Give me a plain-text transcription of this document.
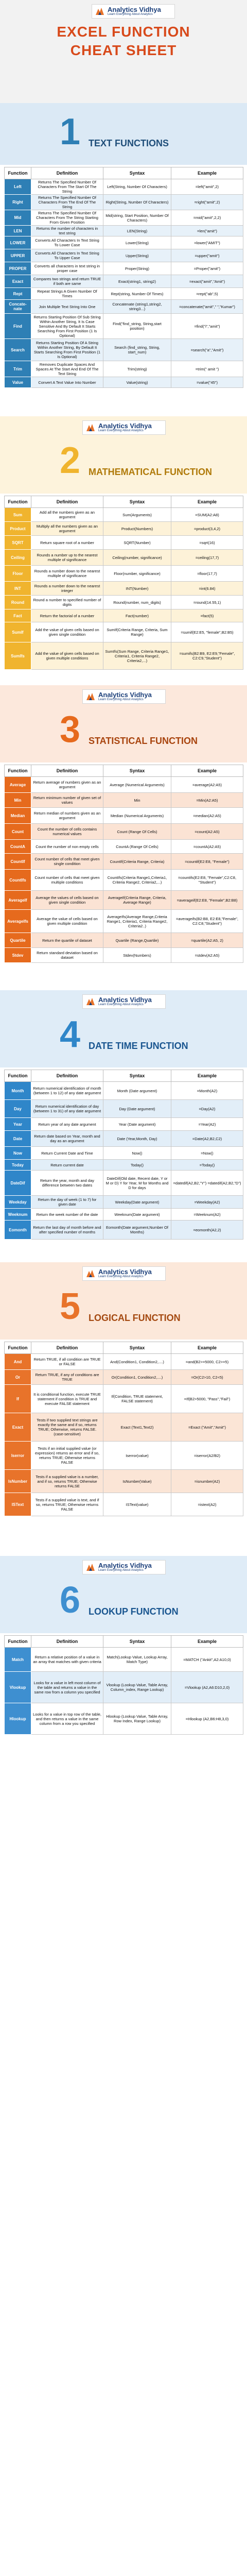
Analytics Vidhya
Learn Everything About Analytics
EXCEL FUNCTION
CHEAT SHEET
1 TEXT FUNCTIONS
Function	Definition	Syntax	Example
Left	Returns The Specified Number Of Characters From The Start Of The String	Left(String, Number Of Characters)	=left("amit",2)
Right	Returns The Specified Number Of Characters From The End Of The String	Right(String, Number Of Characters)	=right("amit",2)
Mid	Returns The Specified Number Of Characters From The String Starting From Given Position	Mid(string, Start Position, Number Of Characters)	=mid("amit",2,2)
LEN	Returns the number of characters in text string	LEN(String)	=len("amit")
LOWER	Converts All Characters In Text String To Lower Case	Lower(String)	=lower("AMIT")
UPPER	Converts All Characters In Text String To Upper Case	Upper(String)	=upper("amit")
PROPER	Converts all characters in text string in proper case	Proper(String)	=Proper("amit")
Exact	Compares two strings and return TRUE if both are same	Exact(string1, string2)	=exact("amit","Amit")
Rept	Repeat Strings A Given Number Of Times	Rept(string, Number Of Times)	=rept("ab",5)
Concate-nate	Join Multiple Text String Into One	Concatenate (string1,string2, string3...)	=concatenate("amit"," ","Kumar")
Find	Returns Starting Position Of Sub String Within Another String, It Is Case Sensitive And By Default It Starts Searching From First Position (1 Is Optional)	Find("find_string, String,start position)	=find("i","amit")
Search	Returns Starting Position Of A String Within Another String, By Default It Starts Searching From First Position (1 Is Optional)	Search (find_string, String, start_num)	=search("a","Amit")
Trim	Removes Duplicate Spaces And Spaces At The Start And End Of The Text String	Trim(string)	=trim(" amit ")
Value	Convert A Text Value Into Number	Value(string)	=value("45")
Analytics Vidhya
Learn Everything About Analytics
2 MATHEMATICAL FUNCTION
Function	Definition	Syntax	Example
Sum	Add all the numbers given as an argument	Sum(Arguments)	=SUM(A2:A8)
Product	Multiply all the numbers given as an argument	Product(Numbers)	=product(3,4,2)
SQRT	Return square root of a number	SQRT(Number)	=sqrt(16)
Ceiling	Rounds a number up to the nearest multiple of significance	Ceiling(number, significance)	=ceiling(17,7)
Floor	Rounds a number down to the nearest multiple of significance	Floor(number, significance)	=floor(17,7)
INT	Rounds a number down to the nearest integer	INT(Number)	=int(6.84)
Round	Round a number to specified number of digits	Round(number, num_digits)	=round(14.55,1)
Fact	Return the factorial of a number	Fact(number)	=fact(5)
SumIf	Add the value of given cells based on given single condition	SumIf(Criteria Range, Criteria, Sum Range)	=sumif(E2:E5, "female",B2:B5)
SumIfs	Add the value of given cells based on given multiple conditions	SumIfs(Sum Range, Criteria Range1, Criteria1, Criteria Range2, Criteria2,...)	=sumifs(B2:B9, E2:E9,"Female", C2:C9,"Student")
Analytics Vidhya
Learn Everything About Analytics
3 STATISTICAL FUNCTION
Function	Definition	Syntax	Example
Average	Return average of numbers given as an argument	Average (Numerical Arguments)	=average(A2:A5)
Min	Return minimum number of given set of values	Min	=Min(A2:A5)
Median	Return median of numbers given as an argument	Median (Numerical Arguments)	=median(A2:A5)
Count	Count the number of cells contains numerical values	Count (Range Of Cells)	=count(A2:A5)
CountA	Count the number of non empty cells	CountA (Range Of Cells)	=countA(A2:A5)
CountIf	Count number of cells that meet given single condition	CountIf(Criteria Range, Criteria)	=countif(E2:E8, "Female")
CountIfs	Count number of cells that meet given multiple conditions	CountIfs(Criteria Range1,Criteria1, Criteria Range2, Criteria2,...)	=countifs(E2:E8, "Female",C2:C8, "Student")
AverageIf	Average the values of cells based on given single condition	AverageIf(Criteria Range, Criteria, Average Range)	=averageif(E2:E8, "Female",B2:B8)
AverageIfs	Average the value of cells based on given multiple condition	AverageIfs(Average Range,Criteria Range1, Criteria1, Criteria Range2, Criteria2..)	=averageifs(B2:B8, E2:E8,"Female", C2:C8,"Student")
Quartile	Return the quartile of dataset	Quartile (Range,Quartile)	=quartile(A2:A5, 2)
Stdev	Return standard deviation based on dataset	Stdev(Numbers)	=stdev(A2:A5)
Analytics Vidhya
Learn Everything About Analytics
4 DATE TIME FUNCTION
Function	Definition	Syntax	Example
Month	Return numerical identification of month (between 1 to 12) of any date argument	Month (Date argument)	=Month(A2)
Day	Return numerical identification of day (between 1 to 31) of any date argument	Day (Date argument)	=Day(A2)
Year	Return year of any date argument	Year (Date argument)	=Year(A2)
Date	Return date based on Year, month and day as an argument	Date (Year,Month, Day)	=Date(A2,B2,C2)
Now	Return Current Date and Time	Now()	=Now()
Today	Return current date	Today()	=Today()
DateDif	Return the year, month and day difference between two dates	DateDif(Old date, Recent date, Y or M or D) Y for Year, M for Months and D for days	=datedif(A2,B2,"Y") =datedif(A2,B2,"D")
Weekday	Return the day of week (1 to 7) for given date	Weekday(Date argument)	=Weekday(A2)
Weeknum	Return the week number of the date	Weeknum(Date argument)	=Weeknum(A2)
Eomonth	Return the last day of month before and after specified number of months	Eomonth(Date argument,Number Of Months)	=eomonth(A2,2)
Analytics Vidhya
Learn Everything About Analytics
5 LOGICAL FUNCTION
Function	Definition	Syntax	Example
And	Return TRUE, if all condition are TRUE or FALSE	And(Condition1, Condition2,....)	=and(B2>=5000, C2>=5)
Or	Return TRUE, if any of conditions are TRUE	Or(Condition1, Condition2,....)	=Or(C2>10, C2<5)
If	It is conditional function, execute TRUE statement if condition is TRUE and execute FALSE statement	If(Condition, TRUE statement, FALSE statement)	=If(B2>5000, "Pass","Fail")
Exact	Tests if two supplied text strings are exactly the same and if so, returns TRUE; Otherwise, returns FALSE. (case-sensitive)	Exact (Text1,Text2)	=Exact ("Amit","Amit")
Iserror	Tests if an initial supplied value (or expression) returns an error and if so, returns TRUE; Otherwise returns FALSE	Iserror(value)	=iserror(A2/B2)
IsNumber	Tests if a supplied value is a number, and if so, returns TRUE; Otherwise returns FALSE	IsNumber(Value)	=isnumber(A2)
ISText	Tests if a supplied value is text, and if so, returns TRUE; Otherwise returns FALSE	ISText(value)	=istext(A2)
Analytics Vidhya
Learn Everything About Analytics
6 LOOKUP FUNCTION
Function	Definition	Syntax	Example
Match	Return a relative position of a value in an array that matches with given criteria	Match(Lookup Value, Lookup Array, Match Type)	=MATCH ("Ankit",A2:A10,0)
Vlookup	Looks for a value in left most column of the table and returns a value in the same row from a column you specified	Vlookup (Lookup Value, Table Array, Column_index, Range Lookup)	=Vlookup (A2,A6:D10,2,0)
Hlookup	Looks for a value in top row of the table, and then returns a value in the same column from a row you specified	Hlookup (Lookup Value, Table Array, Row Index, Range Lookup)	=Hlookup (A2,B6:H8,3,0)
